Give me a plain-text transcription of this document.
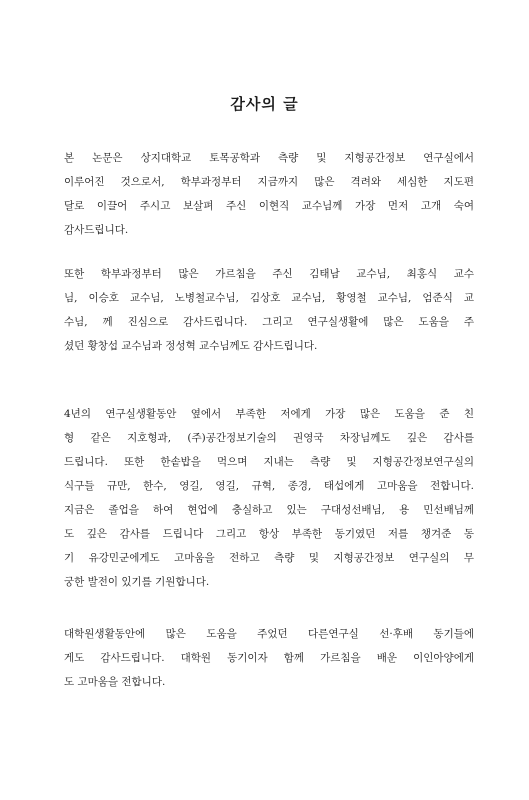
감사의 글
본 논문은 상지대학교 토목공학과 측량 및 지형공간정보 연구실에서
이루어진 것으로서, 학부과정부터 지금까지 많은 격려와 세심한 지도편
달로 이끌어 주시고 보살펴 주신 이현직 교수님께 가장 먼저 고개 숙여
감사드립니다.
또한 학부과정부터 많은 가르침을 주신 김태남 교수님, 최홍식 교수
님, 이승호 교수님, 노병철교수님, 김상호 교수님, 황영철 교수님, 엄준식 교
수님, 께 진심으로 감사드립니다. 그리고 연구실생활에 많은 도움을 주
셨던 황창섭 교수님과 정성혁 교수님께도 감사드립니다.
4년의 연구실생활동안 옆에서 부족한 저에게 가장 많은 도움을 준 친
형 같은 지호형과, (주)공간정보기술의 권영국 차장님께도 깊은 감사를
드립니다. 또한 한솥밥을 먹으며 지내는 측량 및 지형공간정보연구실의
식구들 규만, 한수, 영길, 영길, 규혁, 종경, 태섭에게 고마움을 전합니다.
지금은 졸업을 하여 현업에 충실하고 있는 구대성선배님, 용 민선배님께
도 깊은 감사를 드립니다 그리고 항상 부족한 동기였던 저를 챙겨준 동
기 유강민군에게도 고마움을 전하고 측량 및 지형공간정보 연구실의 무
궁한 발전이 있기를 기원합니다.
대학원생활동안에 많은 도움을 주었던 다른연구실 선·후배 동기들에
게도 감사드립니다. 대학원 동기이자 함께 가르침을 배운 이인아양에게
도 고마움을 전합니다.
